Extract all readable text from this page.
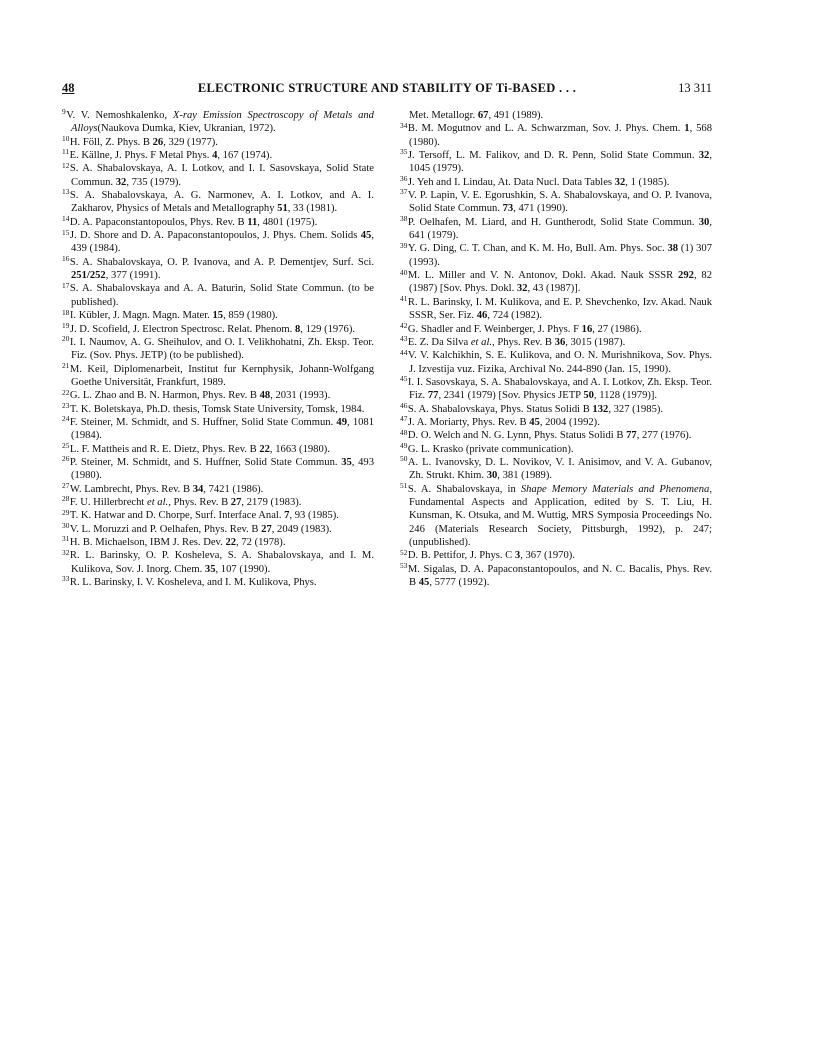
48	ELECTRONIC STRUCTURE AND STABILITY OF Ti-BASED . . .	13 311

$^9$V. V. Nemoshkalenko, X-ray Emission Spectroscopy of Metals and Alloys(Naukova Dumka, Kiev, Ukranian, 1972).

$^{10}$H. Föll, Z. Phys. B 26, 329 (1977).

$^{11}$E. Källne, J. Phys. F Metal Phys. 4, 167 (1974).

$^{12}$S. A. Shabalovskaya, A. I. Lotkov, and I. I. Sasovskaya, Solid State Commun. 32, 735 (1979).

$^{13}$S. A. Shabalovskaya, A. G. Narmonev, A. I. Lotkov, and A. I. Zakharov, Physics of Metals and Metallography 51, 33 (1981).

$^{14}$D. A. Papaconstantopoulos, Phys. Rev. B 11, 4801 (1975).

$^{15}$J. D. Shore and D. A. Papaconstantopoulos, J. Phys. Chem. Solids 45, 439 (1984).

$^{16}$S. A. Shabalovskaya, O. P. Ivanova, and A. P. Dementjev, Surf. Sci. 251/252, 377 (1991).

$^{17}$S. A. Shabalovskaya and A. A. Baturin, Solid State Commun. (to be published).

$^{18}$I. Kübler, J. Magn. Magn. Mater. 15, 859 (1980).

$^{19}$J. D. Scofield, J. Electron Spectrosc. Relat. Phenom. 8, 129 (1976).

$^{20}$I. I. Naumov, A. G. Sheihulov, and O. I. Velikhohatni, Zh. Eksp. Teor. Fiz. (Sov. Phys. JETP) (to be published).

$^{21}$M. Keil, Diplomenarbeit, Institut fur Kernphysik, Johann-Wolfgang Goethe Universität, Frankfurt, 1989.

$^{22}$G. L. Zhao and B. N. Harmon, Phys. Rev. B 48, 2031 (1993).

$^{23}$T. K. Boletskaya, Ph.D. thesis, Tomsk State University, Tomsk, 1984.

$^{24}$F. Steiner, M. Schmidt, and S. Huffner, Solid State Commun. 49, 1081 (1984).

$^{25}$L. F. Mattheis and R. E. Dietz, Phys. Rev. B 22, 1663 (1980).

$^{26}$P. Steiner, M. Schmidt, and S. Huffner, Solid State Commun. 35, 493 (1980).

$^{27}$W. Lambrecht, Phys. Rev. B 34, 7421 (1986).

$^{28}$F. U. Hillerbrecht et al., Phys. Rev. B 27, 2179 (1983).

$^{29}$T. K. Hatwar and D. Chorpe, Surf. Interface Anal. 7, 93 (1985).

$^{30}$V. L. Moruzzi and P. Oelhafen, Phys. Rev. B 27, 2049 (1983).

$^{31}$H. B. Michaelson, IBM J. Res. Dev. 22, 72 (1978).

$^{32}$R. L. Barinsky, O. P. Kosheleva, S. A. Shabalovskaya, and I. M. Kulikova, Sov. J. Inorg. Chem. 35, 107 (1990).

$^{33}$R. L. Barinsky, I. V. Kosheleva, and I. M. Kulikova, Phys.

Met. Metallogr. 67, 491 (1989).

$^{34}$B. M. Mogutnov and L. A. Schwarzman, Sov. J. Phys. Chem. 1, 568 (1980).

$^{35}$J. Tersoff, L. M. Falikov, and D. R. Penn, Solid State Commun. 32, 1045 (1979).

$^{36}$J. Yeh and I. Lindau, At. Data Nucl. Data Tables 32, 1 (1985).

$^{37}$V. P. Lapin, V. E. Egorushkin, S. A. Shabalovskaya, and O. P. Ivanova, Solid State Commun. 73, 471 (1990).

$^{38}$P. Oelhafen, M. Liard, and H. Guntherodt, Solid State Commun. 30, 641 (1979).

$^{39}$Y. G. Ding, C. T. Chan, and K. M. Ho, Bull. Am. Phys. Soc. 38 (1) 307 (1993).

$^{40}$M. L. Miller and V. N. Antonov, Dokl. Akad. Nauk SSSR 292, 82 (1987) [Sov. Phys. Dokl. 32, 43 (1987)].

$^{41}$R. L. Barinsky, I. M. Kulikova, and E. P. Shevchenko, Izv. Akad. Nauk SSSR, Ser. Fiz. 46, 724 (1982).

$^{42}$G. Shadler and F. Weinberger, J. Phys. F 16, 27 (1986).

$^{43}$E. Z. Da Silva et al., Phys. Rev. B 36, 3015 (1987).

$^{44}$V. V. Kalchikhin, S. E. Kulikova, and O. N. Murishnikova, Sov. Phys. J. Izvestija vuz. Fizika, Archival No. 244-890 (Jan. 15, 1990).

$^{45}$I. I. Sasovskaya, S. A. Shabalovskaya, and A. I. Lotkov, Zh. Eksp. Teor. Fiz. 77, 2341 (1979) [Sov. Physics JETP 50, 1128 (1979)].

$^{46}$S. A. Shabalovskaya, Phys. Status Solidi B 132, 327 (1985).

$^{47}$J. A. Moriarty, Phys. Rev. B 45, 2004 (1992).

$^{48}$D. O. Welch and N. G. Lynn, Phys. Status Solidi B 77, 277 (1976).

$^{49}$G. L. Krasko (private communication).

$^{50}$A. L. Ivanovsky, D. L. Novikov, V. I. Anisimov, and V. A. Gubanov, Zh. Strukt. Khim. 30, 381 (1989).

$^{51}$S. A. Shabalovskaya, in Shape Memory Materials and Phenomena, Fundamental Aspects and Application, edited by S. T. Liu, H. Kunsman, K. Otsuka, and M. Wuttig, MRS Symposia Proceedings No. 246 (Materials Research Society, Pittsburgh, 1992), p. 247; (unpublished).

$^{52}$D. B. Pettifor, J. Phys. C 3, 367 (1970).

$^{53}$M. Sigalas, D. A. Papaconstantopoulos, and N. C. Bacalis, Phys. Rev. B 45, 5777 (1992).
